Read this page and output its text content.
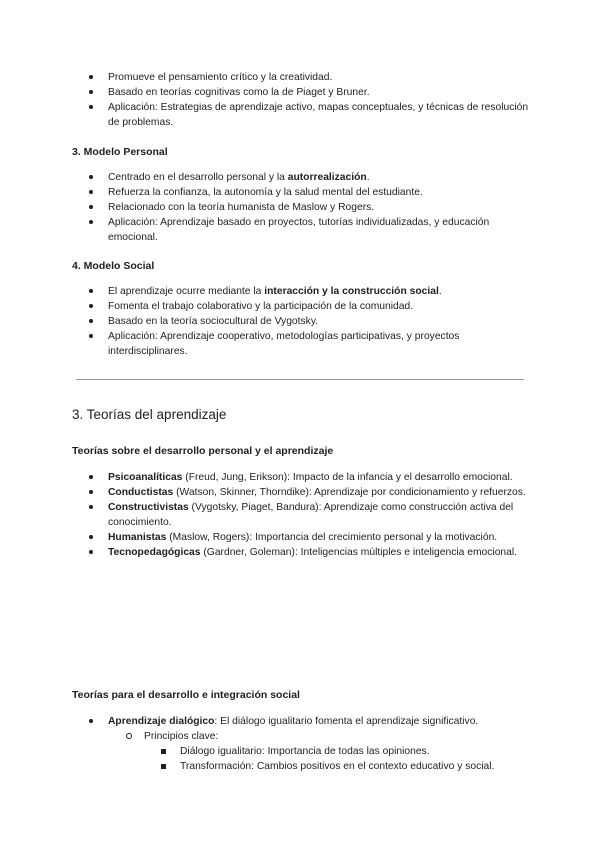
Promueve el pensamiento crítico y la creatividad.
Basado en teorías cognitivas como la de Piaget y Bruner.
Aplicación: Estrategias de aprendizaje activo, mapas conceptuales, y técnicas de resolución de problemas.
3. Modelo Personal
Centrado en el desarrollo personal y la autorrealización.
Refuerza la confianza, la autonomía y la salud mental del estudiante.
Relacionado con la teoría humanista de Maslow y Rogers.
Aplicación: Aprendizaje basado en proyectos, tutorías individualizadas, y educación emocional.
4. Modelo Social
El aprendizaje ocurre mediante la interacción y la construcción social.
Fomenta el trabajo colaborativo y la participación de la comunidad.
Basado en la teoría sociocultural de Vygotsky.
Aplicación: Aprendizaje cooperativo, metodologías participativas, y proyectos interdisciplinares.
3. Teorías del aprendizaje
Teorías sobre el desarrollo personal y el aprendizaje
Psicoanalíticas (Freud, Jung, Erikson): Impacto de la infancia y el desarrollo emocional.
Conductistas (Watson, Skinner, Thorndike): Aprendizaje por condicionamiento y refuerzos.
Constructivistas (Vygotsky, Piaget, Bandura): Aprendizaje como construcción activa del conocimiento.
Humanistas (Maslow, Rogers): Importancia del crecimiento personal y la motivación.
Tecnopedagógicas (Gardner, Goleman): Inteligencias múltiples e inteligencia emocional.
Teorías para el desarrollo e integración social
Aprendizaje dialógico: El diálogo igualitario fomenta el aprendizaje significativo.
Principios clave:
Diálogo igualitario: Importancia de todas las opiniones.
Transformación: Cambios positivos en el contexto educativo y social.
